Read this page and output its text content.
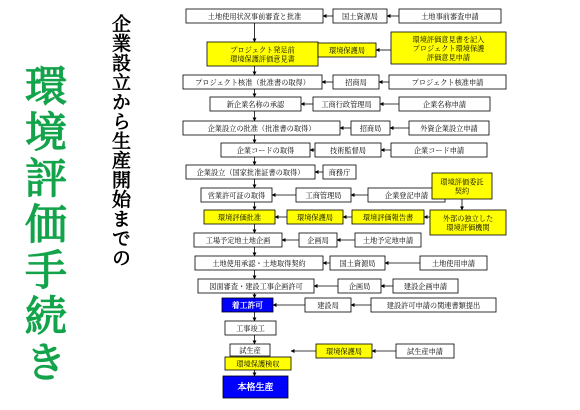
企業設立から生産開始までの
環境評価手続き
土地使用状況事前審査と批准	国土資源局	土地事前審査申請
プロジェクト発足前環境保護評価意見書
環境保護局
環境評価意見書を記入プロジェクト環境保護評価意見申請
プロジェクト核准（批准書の取得）	招商局	プロジェクト核准申請
新企業名称の承認	工商行政管理局	企業名称申請
企業設立の批准（批准書の取得）	招商局	外資企業設立申請
企業コードの取得	技術監督局	企業コード申請
企業設立（国家批准証書の取得）	商務庁
営業許可証の取得	工商管理局	企業登記申請
環境評価委託契約
環境評価批准	環境保護局	環境評価報告書	外部の独立した環境評価機関
工場予定地土地企画	企画局	土地予定地申請
土地使用承認・土地取得契約	国土資源局	土地使用申請
図面審査・建設工事企画許可	企画局	建設企画申請
着工許可	建設局	建設許可申請の関連書類提出
工事竣工
試生産	環境保護局	試生産申請
環境保護検収
本格生産
